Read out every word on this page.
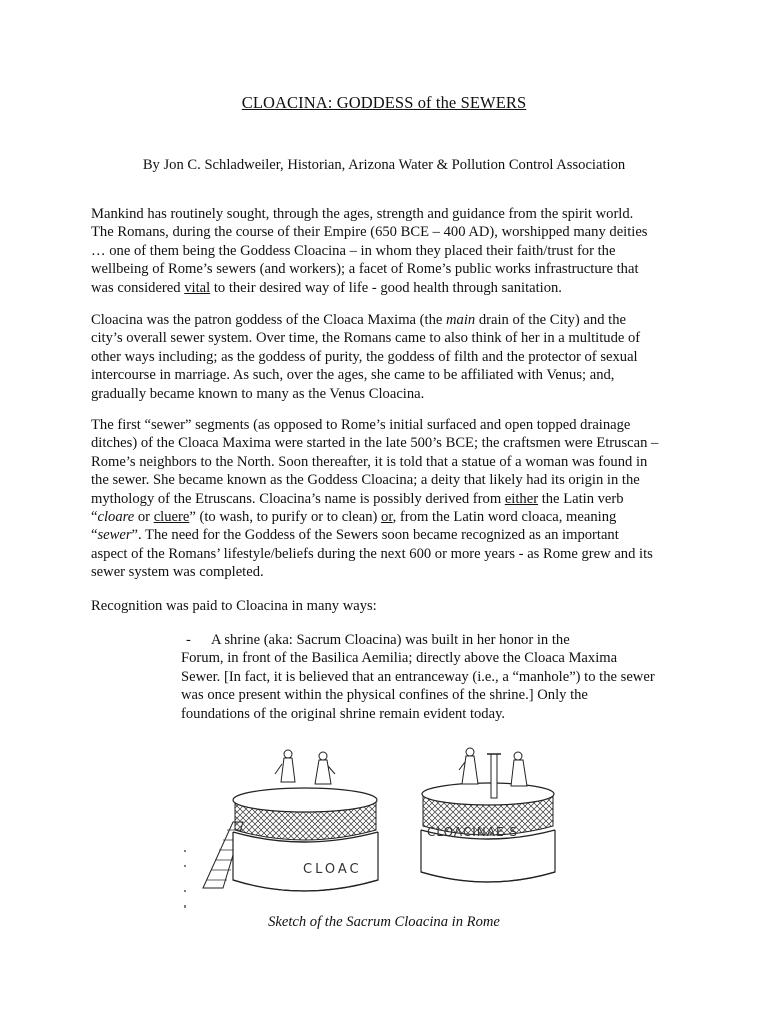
CLOACINA: GODDESS of the SEWERS
By Jon C. Schladweiler, Historian, Arizona Water & Pollution Control Association

Mankind has routinely sought, through the ages, strength and guidance from the spirit world.
The Romans, during the course of their Empire (650 BCE – 400 AD), worshipped many deities
… one of them being the Goddess Cloacina – in whom they placed their faith/trust for the
wellbeing of Rome’s sewers (and workers); a facet of Rome’s public works infrastructure that
was considered vital to their desired way of life - good health through sanitation.

Cloacina was the patron goddess of the Cloaca Maxima (the main drain of the City) and the
city’s overall sewer system. Over time, the Romans came to also think of her in a multitude of
other ways including; as the goddess of purity, the goddess of filth and the protector of sexual
intercourse in marriage. As such, over the ages, she came to be affiliated with Venus; and,
gradually became known to many as the Venus Cloacina.

The first “sewer” segments (as opposed to Rome’s initial surfaced and open topped drainage
ditches) of the Cloaca Maxima were started in the late 500’s BCE; the craftsmen were Etruscan –
Rome’s neighbors to the North. Soon thereafter, it is told that a statue of a woman was found in
the sewer. She became known as the Goddess Cloacina; a deity that likely had its origin in the
mythology of the Etruscans. Cloacina’s name is possibly derived from either the Latin verb
“cloare or cluere” (to wash, to purify or to clean) or, from the Latin word cloaca, meaning
“sewer”. The need for the Goddess of the Sewers soon became recognized as an important
aspect of the Romans’ lifestyle/beliefs during the next 600 or more years - as Rome grew and its
sewer system was completed.

Recognition was paid to Cloacina in many ways:

-	A shrine (aka: Sacrum Cloacina) was built in her honor in the
Forum, in front of the Basilica Aemilia; directly above the Cloaca Maxima
Sewer. [In fact, it is believed that an entranceway (i.e., a “manhole”) to the sewer
was once present within the physical confines of the shrine.] Only the
foundations of the original shrine remain evident today.
CLOAC
CLOACINAE S
Sketch of the Sacrum Cloacina in Rome
